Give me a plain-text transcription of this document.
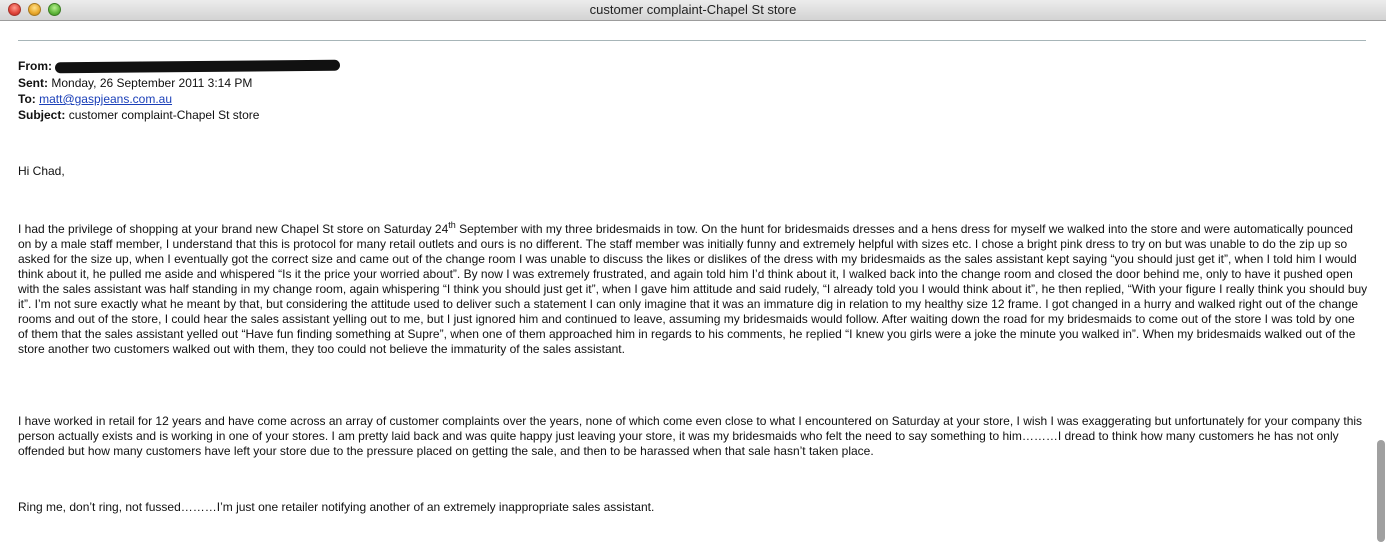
customer complaint-Chapel St store
From:
Sent: Monday, 26 September 2011 3:14 PM
To: matt@gaspjeans.com.au
Subject: customer complaint-Chapel St store
Hi Chad,
I had the privilege of shopping at your brand new Chapel St store on Saturday 24th September with my three bridesmaids in tow. On the hunt for bridesmaids dresses and a hens dress for myself we walked into the store and were automatically pounced on by a male staff member, I understand that this is protocol for many retail outlets and ours is no different. The staff member was initially funny and extremely helpful with sizes etc. I chose a bright pink dress to try on but was unable to do the zip up so asked for the size up, when I eventually got the correct size and came out of the change room I was unable to discuss the likes or dislikes of the dress with my bridesmaids as the sales assistant kept saying “you should just get it”, when I told him I would think about it, he pulled me aside and whispered “Is it the price your worried about”. By now I was extremely frustrated, and again told him I’d think about it, I walked back into the change room and closed the door behind me, only to have it pushed open with the sales assistant was half standing in my change room, again whispering “I think you should just get it”, when I gave him attitude and said rudely, “I already told you I would think about it”, he then replied, “With your figure I really think you should buy it”. I’m not sure exactly what he meant by that, but considering the attitude used to deliver such a statement I can only imagine that it was an immature dig in relation to my healthy size 12 frame. I got changed in a hurry and walked right out of the change rooms and out of the store, I could hear the sales assistant yelling out to me, but I just ignored him and continued to leave, assuming my bridesmaids would follow. After waiting down the road for my bridesmaids to come out of the store I was told by one of them that the sales assistant yelled out “Have fun finding something at Supre”, when one of them approached him in regards to his comments, he replied “I knew you girls were a joke the minute you walked in”. When my bridesmaids walked out of the store another two customers walked out with them, they too could not believe the immaturity of the sales assistant.
I have worked in retail for 12 years and have come across an array of customer complaints over the years, none of which come even close to what I encountered on Saturday at your store, I wish I was exaggerating but unfortunately for your company this person actually exists and is working in one of your stores. I am pretty laid back and was quite happy just leaving your store, it was my bridesmaids who felt the need to say something to him………I dread to think how many customers he has not only offended but how many customers have left your store due to the pressure placed on getting the sale, and then to be harassed when that sale hasn’t taken place.
Ring me, don’t ring, not fussed………I’m just one retailer notifying another of an extremely inappropriate sales assistant.
